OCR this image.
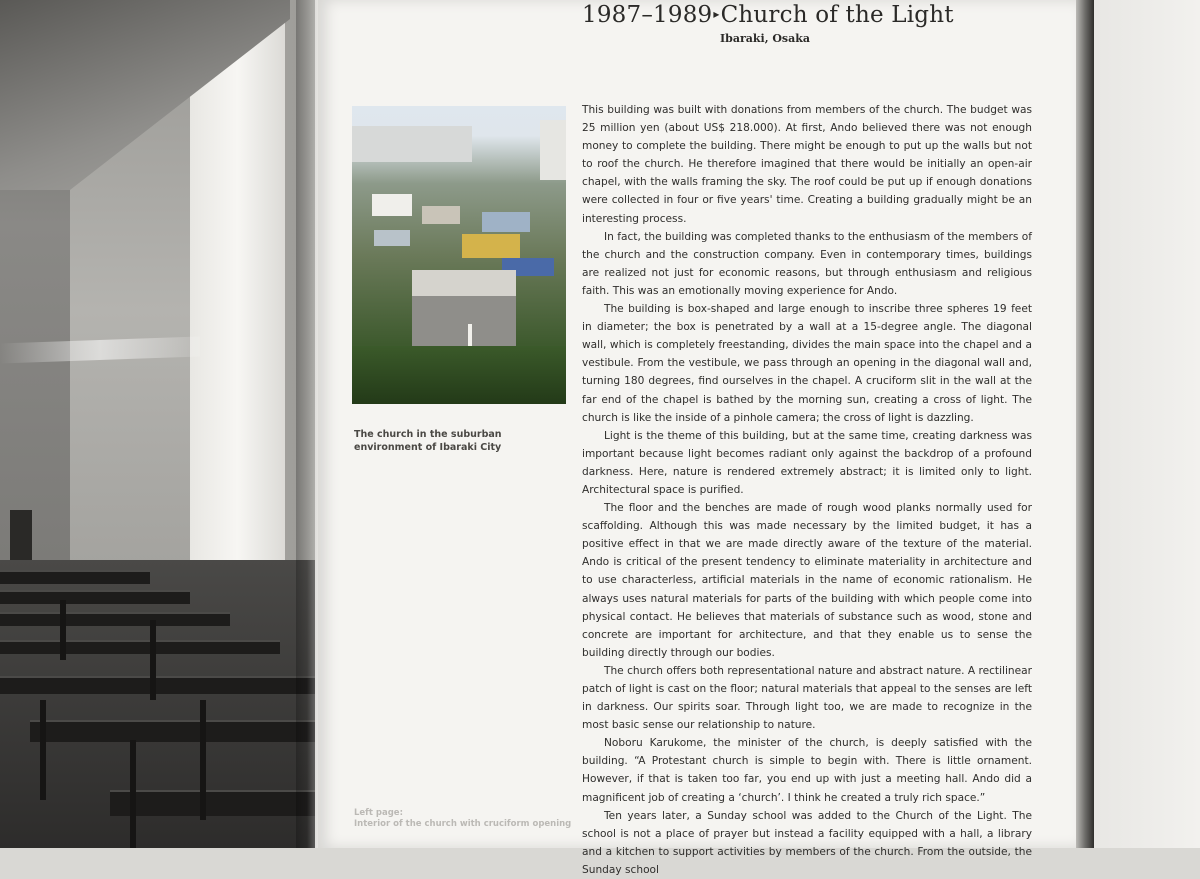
1987–1989▸Church of the Light
Ibaraki, Osaka
The church in the suburban environment of Ibaraki City
Left page:
Interior of the church with cruciform opening

This building was built with donations from members of the church. The budget was 25 million yen (about US$ 218.000). At first, Ando believed there was not enough money to complete the building. There might be enough to put up the walls but not to roof the church. He therefore imagined that there would be initially an open-air chapel, with the walls framing the sky. The roof could be put up if enough donations were collected in four or five years' time. Creating a building gradually might be an interesting process.

In fact, the building was completed thanks to the enthusiasm of the members of the church and the construction company. Even in contemporary times, buildings are realized not just for economic reasons, but through enthusiasm and religious faith. This was an emotionally moving experience for Ando.

The building is box-shaped and large enough to inscribe three spheres 19 feet in diameter; the box is penetrated by a wall at a 15-degree angle. The diagonal wall, which is completely freestanding, divides the main space into the chapel and a vestibule. From the vestibule, we pass through an opening in the diagonal wall and, turning 180 degrees, find ourselves in the chapel. A cruciform slit in the wall at the far end of the chapel is bathed by the morning sun, creating a cross of light. The church is like the inside of a pinhole camera; the cross of light is dazzling.

Light is the theme of this building, but at the same time, creating darkness was important because light becomes radiant only against the backdrop of a profound darkness. Here, nature is rendered extremely abstract; it is limited only to light. Architectural space is purified.

The floor and the benches are made of rough wood planks normally used for scaffolding. Although this was made necessary by the limited budget, it has a positive effect in that we are made directly aware of the texture of the material. Ando is critical of the present tendency to eliminate materiality in architecture and to use characterless, artificial materials in the name of economic rationalism. He always uses natural materials for parts of the building with which people come into physical contact. He believes that materials of substance such as wood, stone and concrete are important for architecture, and that they enable us to sense the building directly through our bodies.

The church offers both representational nature and abstract nature. A rectilinear patch of light is cast on the floor; natural materials that appeal to the senses are left in darkness. Our spirits soar. Through light too, we are made to recognize in the most basic sense our relationship to nature.

Noboru Karukome, the minister of the church, is deeply satisfied with the building. “A Protestant church is simple to begin with. There is little ornament. However, if that is taken too far, you end up with just a meeting hall. Ando did a magnificent job of creating a ‘church’. I think he created a truly rich space.”

Ten years later, a Sunday school was added to the Church of the Light. The school is not a place of prayer but instead a facility equipped with a hall, a library and a kitchen to support activities by members of the church. From the outside, the Sunday school
